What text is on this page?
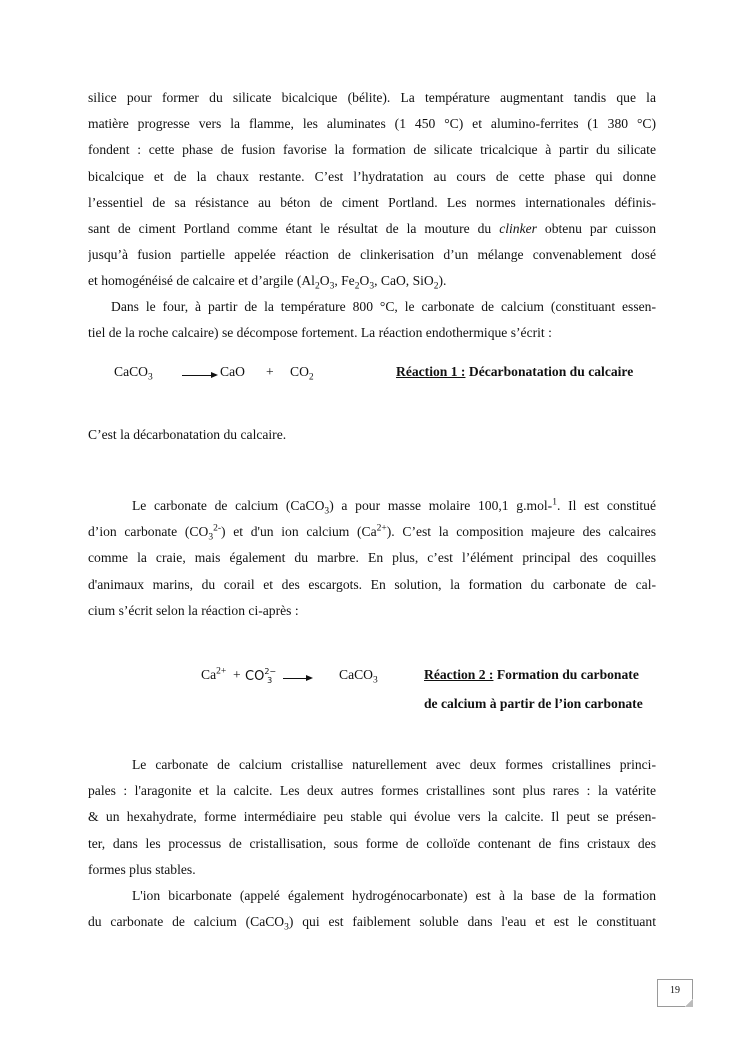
silice pour former du silicate bicalcique (bélite). La température augmentant tandis que la
matière progresse vers la flamme, les aluminates (1 450 °C) et alumino-ferrites (1 380 °C)
fondent : cette phase de fusion favorise la formation de silicate tricalcique à partir du silicate
bicalcique et de la chaux restante. C’est l’hydratation au cours de cette phase qui donne
l’essentiel de sa résistance au béton de ciment Portland. Les normes internationales définis-
sant de ciment Portland comme étant le résultat de la mouture du clinker obtenu par cuisson
jusqu’à fusion partielle appelée réaction de clinkerisation d’un mélange convenablement dosé
et homogénéisé de calcaire et d’argile ($Al_2O_3$, $Fe_2O_3$, CaO, SiO$_2$).
Dans le four, à partir de la température 800 °C, le carbonate de calcium (constituant essen-
tiel de la roche calcaire) se décompose fortement. La réaction endothermique s’écrit :
CaCO$_3$ → CaO + $CO_2$	Réaction 1 : Décarbonatation du calcaire
C’est la décarbonatation du calcaire.
Le carbonate de calcium (CaCO$_3$) a pour masse molaire 100,1 g.mol-$^1$. Il est constitué
d’ion carbonate $(CO_3^{2-})$ et d'un ion calcium $(Ca^{2+})$. C’est la composition majeure des calcaires
comme la craie, mais également du marbre. En plus, c’est l’élément principal des coquilles
d'animaux marins, du corail et des escargots. En solution, la formation du carbonate de cal-
cium s’écrit selon la réaction ci-après :
$Ca^{2+} + CO^{2-}_3$ → CaCO$_3$	Réaction 2 : Formation du carbonate
de calcium à partir de l’ion carbonate
Le carbonate de calcium cristallise naturellement avec deux formes cristallines princi-
pales : l'aragonite et la calcite. Les deux autres formes cristallines sont plus rares : la vatérite
& un hexahydrate, forme intermédiaire peu stable qui évolue vers la calcite. Il peut se présen-
ter, dans les processus de cristallisation, sous forme de colloïde contenant de fins cristaux des
formes plus stables.
L'ion bicarbonate (appelé également hydrogénocarbonate) est à la base de la formation
du carbonate de calcium (CaCO$_3$) qui est faiblement soluble dans l'eau et est le constituant
19
